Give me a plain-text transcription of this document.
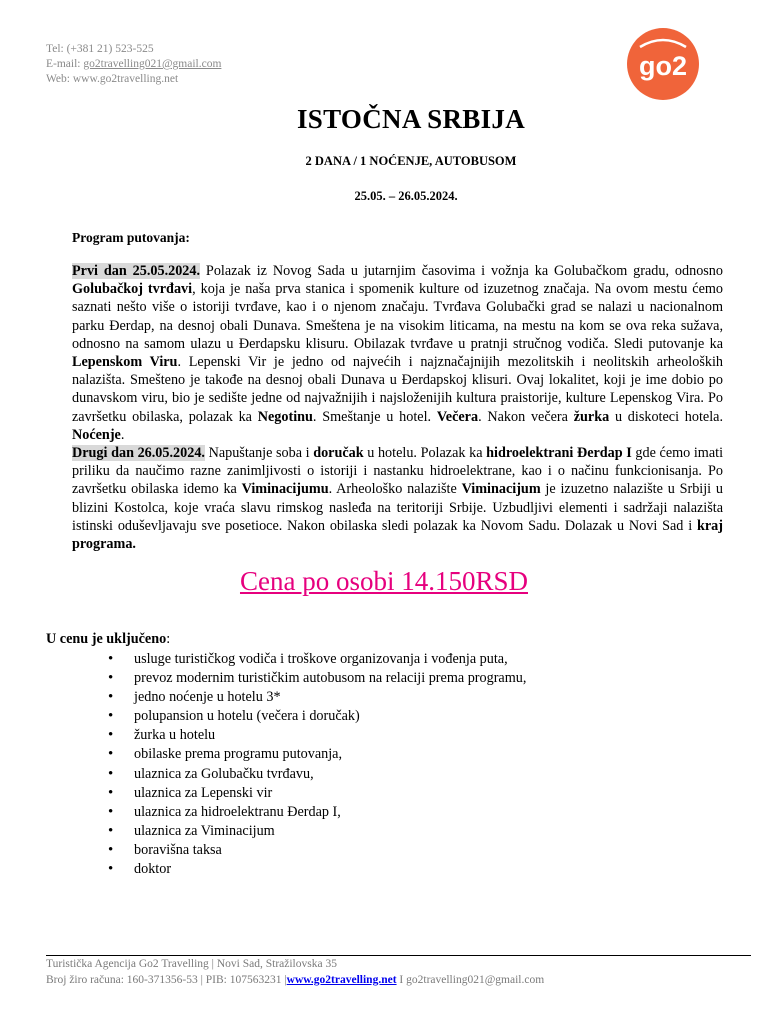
Tel: (+381 21) 523-525
E-mail: go2travelling021@gmail.com
Web: www.go2travelling.net	go2
ISTOČNA SRBIJA
2 DANA / 1 NOĆENJE, AUTOBUSOM
25.05. – 26.05.2024.
Program putovanja:

Prvi dan 25.05.2024. Polazak iz Novog Sada u jutarnjim časovima i vožnja ka Golubačkom gradu, odnosno Golubačkoj tvrđavi, koja je naša prva stanica i spomenik kulture od izuzetnog značaja. Na ovom mestu ćemo saznati nešto više o istoriji tvrđave, kao i o njenom značaju. Tvrđava Golubački grad se nalazi u nacionalnom parku Đerdap, na desnoj obali Dunava. Smeštena je na visokim liticama, na mestu na kom se ova reka sužava, odnosno na samom ulazu u Đerdapsku klisuru. Obilazak tvrđave u pratnji stručnog vodiča. Sledi putovanje ka Lepenskom Viru. Lepenski Vir je jedno od najvećih i najznačajnijih mezolitskih i neolitskih arheoloških nalazišta. Smešteno je takođe na desnoj obali Dunava u Đerdapskoj klisuri. Ovaj lokalitet, koji je ime dobio po dunavskom viru, bio je sedište jedne od najvažnijih i najsloženijih kultura praistorije, kulture Lepenskog Vira. Po završetku obilaska, polazak ka Negotinu. Smeštanje u hotel. Večera. Nakon večera žurka u diskoteci hotela. Noćenje.

Drugi dan 26.05.2024. Napuštanje soba i doručak u hotelu. Polazak ka hidroelektrani Đerdap I gde ćemo imati priliku da naučimo razne zanimljivosti o istoriji i nastanku hidroelektrane, kao i o načinu funkcionisanja. Po završetku obilaska idemo ka Viminacijumu. Arheološko nalazište Viminacijum je izuzetno nalazište u Srbiji u blizini Kostolca, koje vraća slavu rimskog nasleđa na teritoriji Srbije. Uzbudljivi elementi i sadržaji nalazišta istinski oduševljavaju sve posetioce. Nakon obilaska sledi polazak ka Novom Sadu. Dolazak u Novi Sad i kraj programa.

Cena po osobi 14.150RSD
U cenu je uključeno:
• usluge turističkog vodiča i troškove organizovanja i vođenja puta,
• prevoz modernim turističkim autobusom na relaciji prema programu,
• jedno noćenje u hotelu 3*
• polupansion u hotelu (večera i doručak)
• žurka u hotelu
• obilaske prema programu putovanja,
• ulaznica za Golubačku tvrđavu,
• ulaznica za Lepenski vir
• ulaznica za hidroelektranu Đerdap I,
• ulaznica za Viminacijum
• boravišna taksa
• doktor
Turistička Agencija Go2 Travelling | Novi Sad, Stražilovska 35
Broj žiro računa: 160-371356-53 | PIB: 107563231 |www.go2travelling.net I go2travelling021@gmail.com
